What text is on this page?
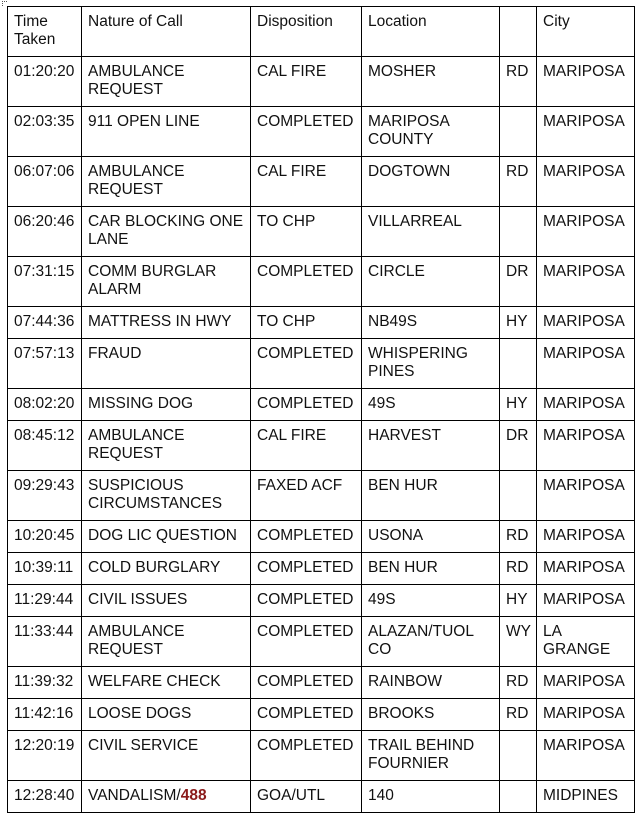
Time Taken	Nature of Call	Disposition	Location		City
01:20:20	AMBULANCE REQUEST	CAL FIRE	MOSHER	RD	MARIPOSA
02:03:35	911 OPEN LINE	COMPLETED	MARIPOSA COUNTY		MARIPOSA
06:07:06	AMBULANCE REQUEST	CAL FIRE	DOGTOWN	RD	MARIPOSA
06:20:46	CAR BLOCKING ONE LANE	TO CHP	VILLARREAL		MARIPOSA
07:31:15	COMM BURGLAR ALARM	COMPLETED	CIRCLE	DR	MARIPOSA
07:44:36	MATTRESS IN HWY	TO CHP	NB49S	HY	MARIPOSA
07:57:13	FRAUD	COMPLETED	WHISPERING PINES		MARIPOSA
08:02:20	MISSING DOG	COMPLETED	49S	HY	MARIPOSA
08:45:12	AMBULANCE REQUEST	CAL FIRE	HARVEST	DR	MARIPOSA
09:29:43	SUSPICIOUS CIRCUMSTANCES	FAXED ACF	BEN HUR		MARIPOSA
10:20:45	DOG LIC QUESTION	COMPLETED	USONA	RD	MARIPOSA
10:39:11	COLD BURGLARY	COMPLETED	BEN HUR	RD	MARIPOSA
11:29:44	CIVIL ISSUES	COMPLETED	49S	HY	MARIPOSA
11:33:44	AMBULANCE REQUEST	COMPLETED	ALAZAN/TUOL CO	WY	LA GRANGE
11:39:32	WELFARE CHECK	COMPLETED	RAINBOW	RD	MARIPOSA
11:42:16	LOOSE DOGS	COMPLETED	BROOKS	RD	MARIPOSA
12:20:19	CIVIL SERVICE	COMPLETED	TRAIL BEHIND FOURNIER		MARIPOSA
12:28:40	VANDALISM/488	GOA/UTL	140		MIDPINES
